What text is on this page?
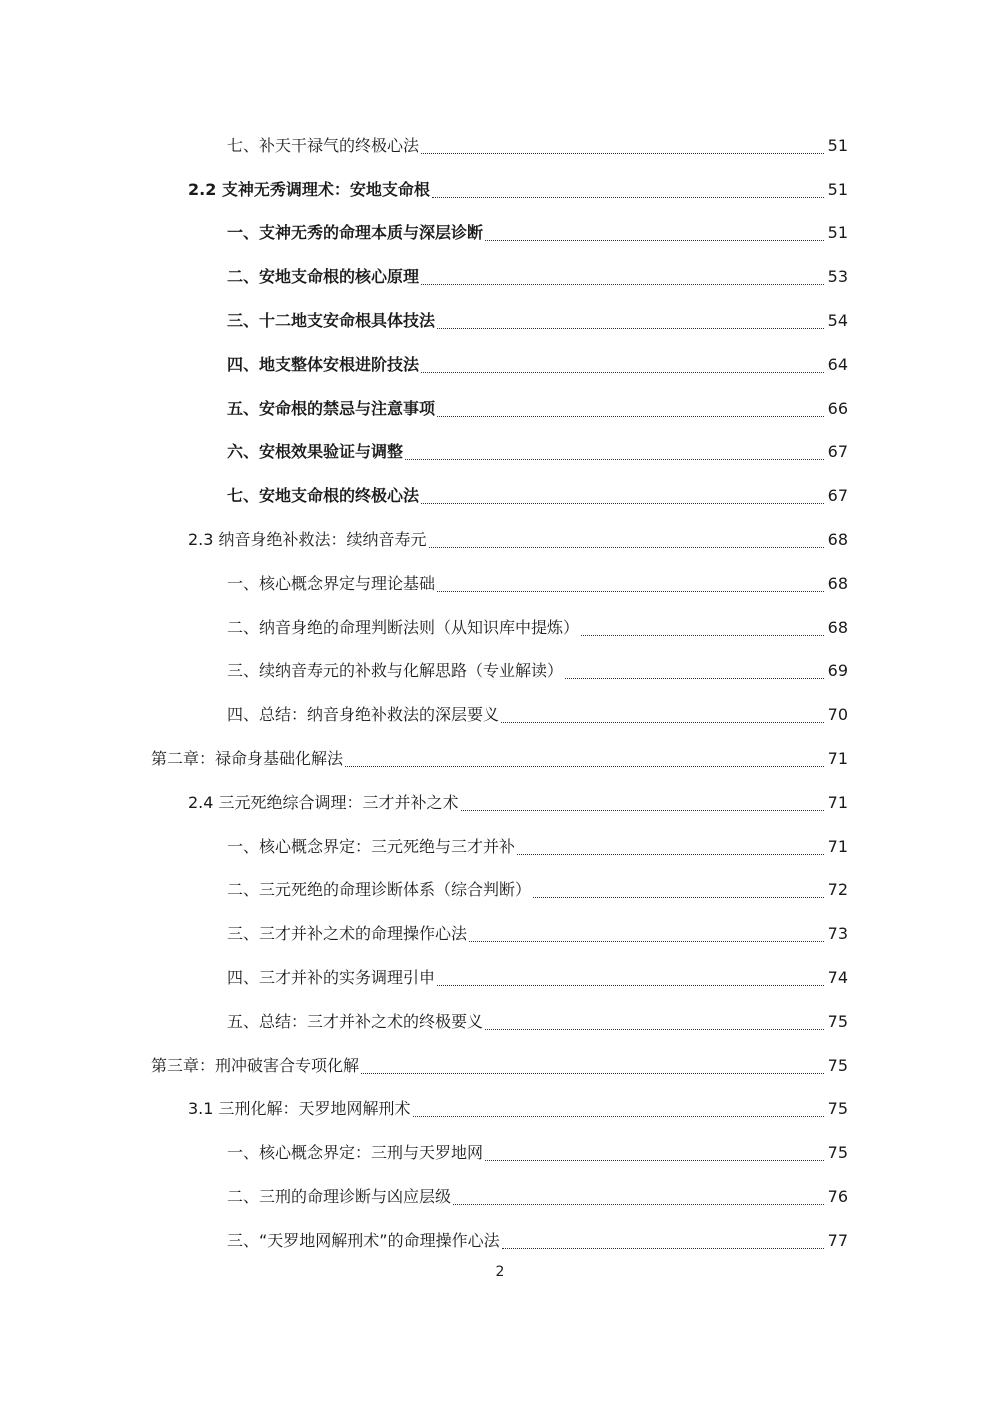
七、补天干禄气的终极心法	51
2.2 支神无秀调理术：安地支命根	51
一、支神无秀的命理本质与深层诊断	51
二、安地支命根的核心原理	53
三、十二地支安命根具体技法	54
四、地支整体安根进阶技法	64
五、安命根的禁忌与注意事项	66
六、安根效果验证与调整	67
七、安地支命根的终极心法	67
2.3 纳音身绝补救法：续纳音寿元	68
一、核心概念界定与理论基础	68
二、纳音身绝的命理判断法则（从知识库中提炼）	68
三、续纳音寿元的补救与化解思路（专业解读）	69
四、总结：纳音身绝补救法的深层要义	70
第二章：禄命身基础化解法	71
2.4 三元死绝综合调理：三才并补之术	71
一、核心概念界定：三元死绝与三才并补	71
二、三元死绝的命理诊断体系（综合判断）	72
三、三才并补之术的命理操作心法	73
四、三才并补的实务调理引申	74
五、总结：三才并补之术的终极要义	75
第三章：刑冲破害合专项化解	75
3.1 三刑化解：天罗地网解刑术	75
一、核心概念界定：三刑与天罗地网	75
二、三刑的命理诊断与凶应层级	76
三、“天罗地网解刑术”的命理操作心法	77
2
